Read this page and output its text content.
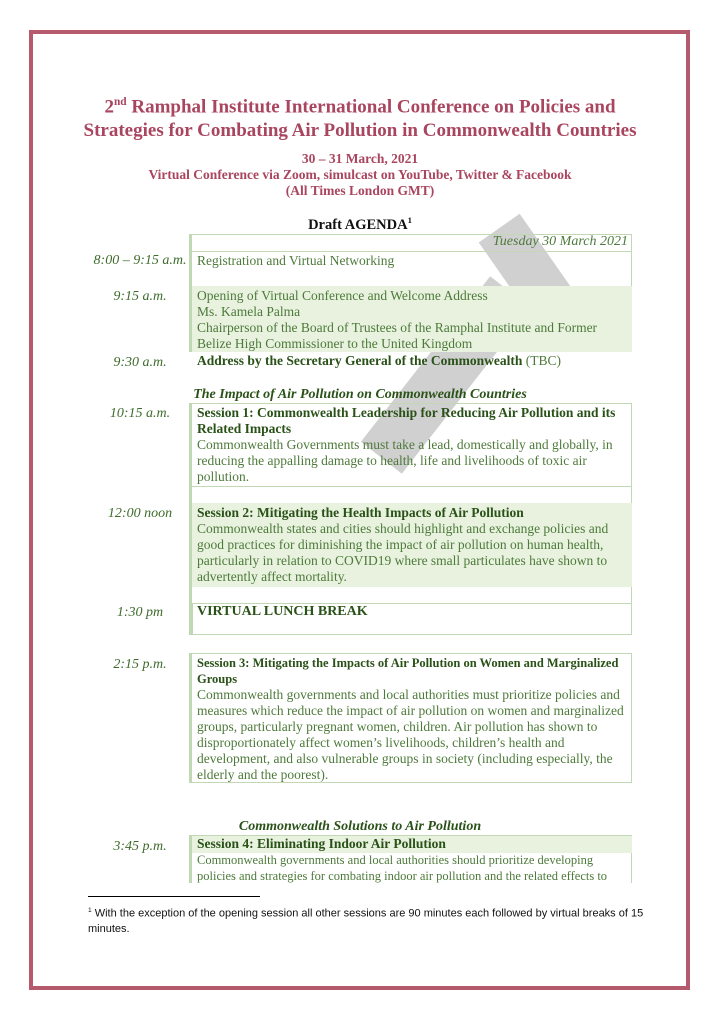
2nd Ramphal Institute International Conference on Policies and
Strategies for Combating Air Pollution in Commonwealth Countries
30 – 31 March, 2021
Virtual Conference via Zoom, simulcast on YouTube, Twitter & Facebook
(All Times London GMT)
Draft AGENDA$^1$
Tuesday 30 March 2021
8:00 – 9:15 a.m. Registration and Virtual Networking
9:15 a.m.	Opening of Virtual Conference and Welcome Address
Ms. Kamela Palma
Chairperson of the Board of Trustees of the Ramphal Institute and Former
Belize High Commissioner to the United Kingdom
9:30 a.m.	Address by the Secretary General of the Commonwealth (TBC)
The Impact of Air Pollution on Commonwealth Countries
10:15 a.m.	Session 1: Commonwealth Leadership for Reducing Air Pollution and its Related Impacts
Commonwealth Governments must take a lead, domestically and globally, in reducing the appalling damage to health, life and livelihoods of toxic air pollution.
12:00 noon	Session 2: Mitigating the Health Impacts of Air Pollution
Commonwealth states and cities should highlight and exchange policies and good practices for diminishing the impact of air pollution on human health, particularly in relation to COVID19 where small particulates have shown to advertently affect mortality.
1:30 pm	VIRTUAL LUNCH BREAK
2:15 p.m.	Session 3: Mitigating the Impacts of Air Pollution on Women and Marginalized Groups
Commonwealth governments and local authorities must prioritize policies and measures which reduce the impact of air pollution on women and marginalized groups, particularly pregnant women, children. Air pollution has shown to disproportionately affect women’s livelihoods, children’s health and development, and also vulnerable groups in society (including especially, the elderly and the poorest).
Commonwealth Solutions to Air Pollution
3:45 p.m.	Session 4: Eliminating Indoor Air Pollution
Commonwealth governments and local authorities should prioritize developing policies and strategies for combating indoor air pollution and the related effects to
$^1$ With the exception of the opening session all other sessions are 90 minutes each followed by virtual breaks of 15 minutes.
